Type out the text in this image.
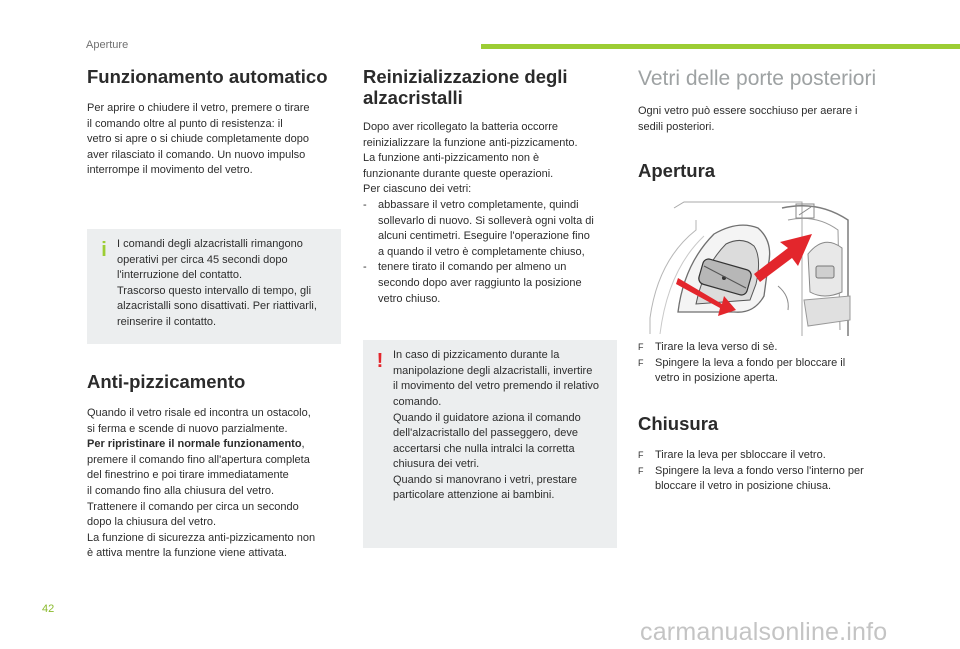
Aperture
Funzionamento automatico

Per aprire o chiudere il vetro, premere o tirare
il comando oltre al punto di resistenza: il
vetro si apre o si chiude completamente dopo
aver rilasciato il comando. Un nuovo impulso
interrompe il movimento del vetro.

i I comandi degli alzacristalli rimangono
operativi per circa 45 secondi dopo
l'interruzione del contatto.
Trascorso questo intervallo di tempo, gli
alzacristalli sono disattivati. Per riattivarli,
reinserire il contatto.

Anti-pizzicamento

Quando il vetro risale ed incontra un ostacolo,
si ferma e scende di nuovo parzialmente.
Per ripristinare il normale funzionamento,
premere il comando fino all'apertura completa
del finestrino e poi tirare immediatamente
il comando fino alla chiusura del vetro.
Trattenere il comando per circa un secondo
dopo la chiusura del vetro.
La funzione di sicurezza anti-pizzicamento non
è attiva mentre la funzione viene attivata.

Reinizializzazione degli alzacristalli

Dopo aver ricollegato la batteria occorre
reinizializzare la funzione anti-pizzicamento.
La funzione anti-pizzicamento non è
funzionante durante queste operazioni.
Per ciascuno dei vetri:

- abbassare il vetro completamente, quindi
sollevarlo di nuovo. Si solleverà ogni volta di
alcuni centimetri. Eseguire l'operazione fino
a quando il vetro è completamente chiuso,
- tenere tirato il comando per almeno un
secondo dopo aver raggiunto la posizione
vetro chiuso.
! In caso di pizzicamento durante la
manipolazione degli alzacristalli, invertire
il movimento del vetro premendo il relativo
comando.
Quando il guidatore aziona il comando
dell'alzacristallo del passeggero, deve
accertarsi che nulla intralci la corretta
chiusura dei vetri.
Quando si manovrano i vetri, prestare
particolare attenzione ai bambini.

Vetri delle porte posteriori

Ogni vetro può essere socchiuso per aerare i
sedili posteriori.

Apertura
F Tirare la leva verso di sè.
F Spingere la leva a fondo per bloccare il
vetro in posizione aperta.
Chiusura
F Tirare la leva per sbloccare il vetro.
F Spingere la leva a fondo verso l'interno per
bloccare il vetro in posizione chiusa.
42
carmanualsonline.info
